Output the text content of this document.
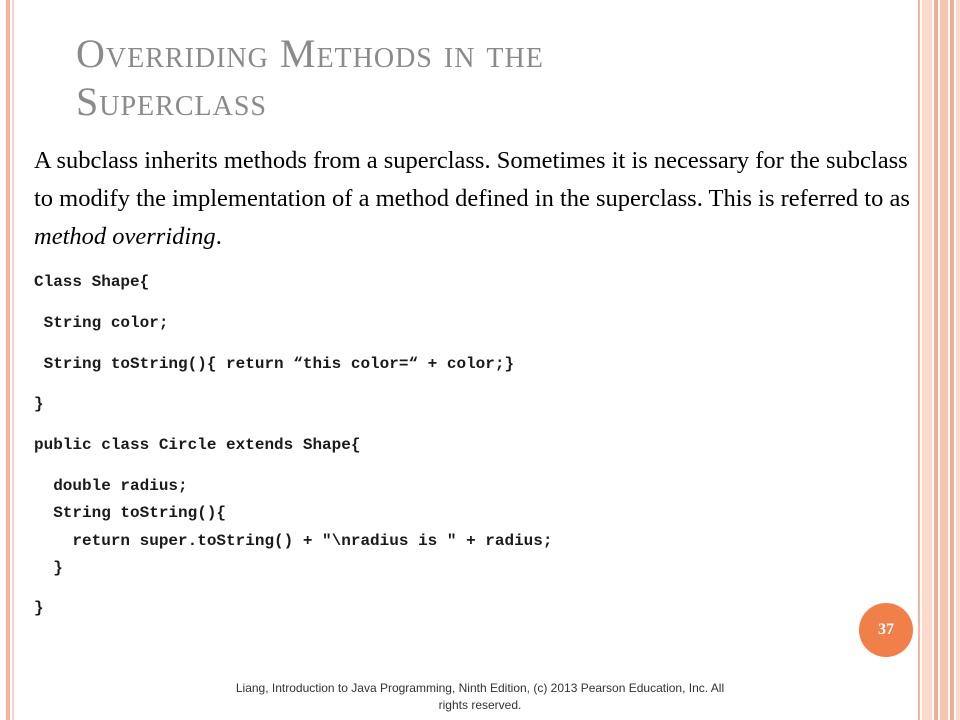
Overriding Methods in the
Superclass

A subclass inherits methods from a superclass. Sometimes it is necessary for the subclass to modify the implementation of a method defined in the superclass. This is referred to as method overriding.

Class Shape{
String color;
String toString(){ return “this color=“ + color;}
}
public class Circle extends Shape{
double radius;
String toString(){
return super.toString() + "\nradius is " + radius;
}
}
37
Liang, Introduction to Java Programming, Ninth Edition, (c) 2013 Pearson Education, Inc. All
rights reserved.
